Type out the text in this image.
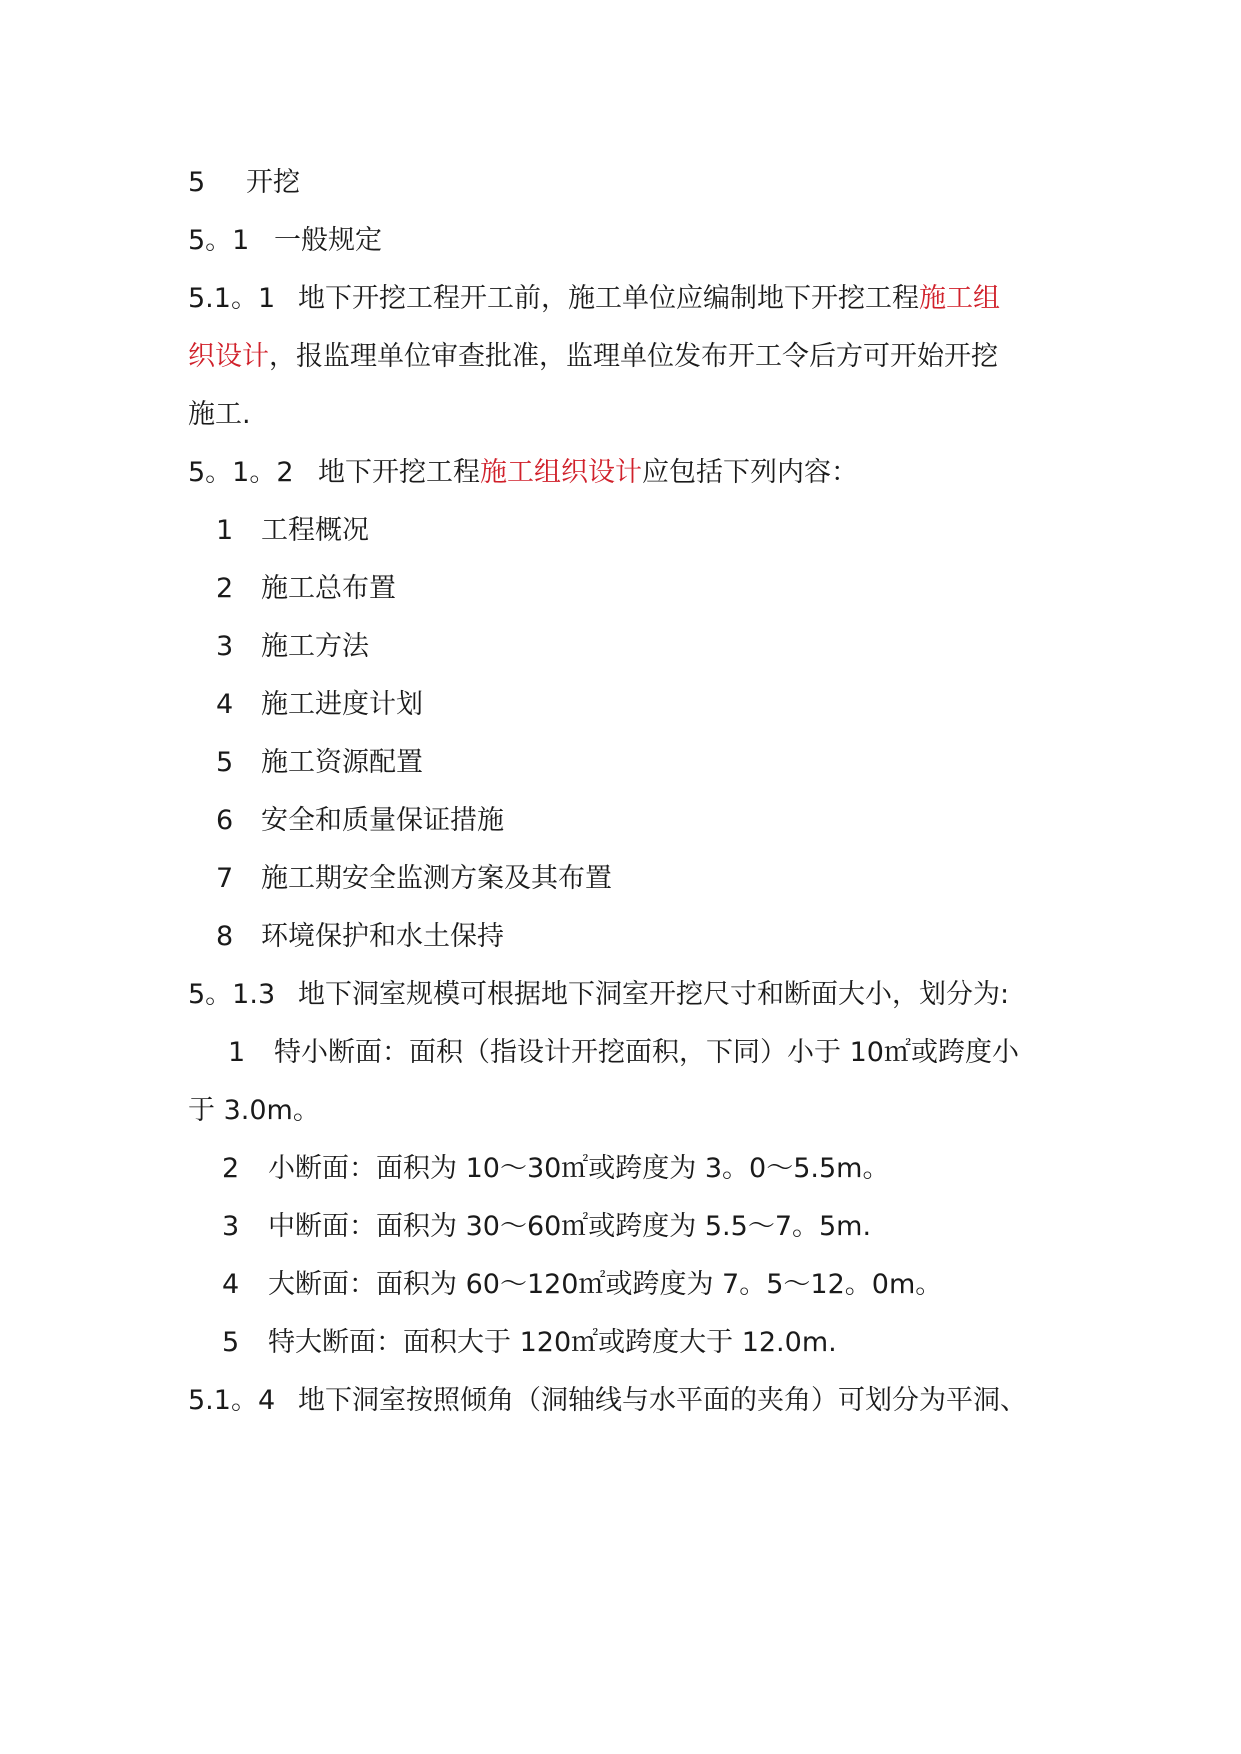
5 开挖
5。1 一般规定
5.1。1 地下开挖工程开工前，施工单位应编制地下开挖工程施工组
织设计，报监理单位审查批准，监理单位发布开工令后方可开始开挖
施工.
5。1。2 地下开挖工程施工组织设计应包括下列内容：
1 工程概况
2 施工总布置
3 施工方法
4 施工进度计划
5 施工资源配置
6 安全和质量保证措施
7 施工期安全监测方案及其布置
8 环境保护和水土保持
5。1.3 地下洞室规模可根据地下洞室开挖尺寸和断面大小，划分为:
1 特小断面：面积（指设计开挖面积，下同）小于 10㎡或跨度小
于 3.0m。
2 小断面：面积为 10～30㎡或跨度为 3。0～5.5m。
3 中断面：面积为 30～60㎡或跨度为 5.5～7。5m.
4 大断面：面积为 60～120㎡或跨度为 7。5～12。0m。
5 特大断面：面积大于 120㎡或跨度大于 12.0m.
5.1。4 地下洞室按照倾角（洞轴线与水平面的夹角）可划分为平洞、
